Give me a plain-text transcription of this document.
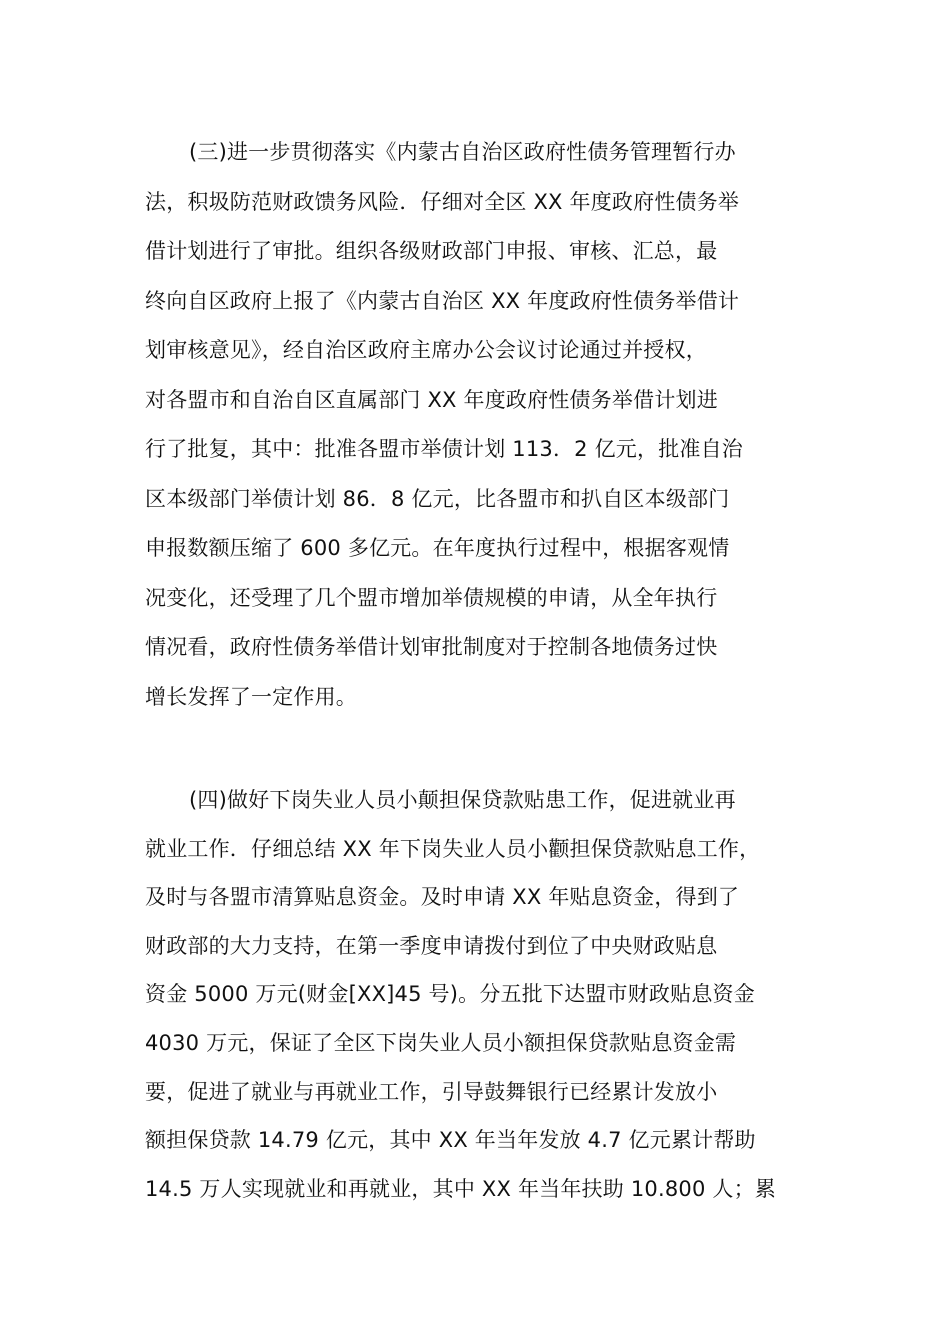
(三)进一步贯彻落实《内蒙古自治区政府性债务管理暂行办
法，积圾防范财政馈务风险．仔细对全区 XX 年度政府性债务举
借计划进行了审批。组织各级财政部门申报、审核、汇总，最
终向自区政府上报了《内蒙古自治区 XX 年度政府性债务举借计
划审核意见》，经自治区政府主席办公会议讨论通过并授权，
对各盟市和自治自区直属部门 XX 年度政府性债务举借计划进
行了批复，其中：批准各盟市举债计划 113．2 亿元，批准自治
区本级部门举债计划 86．8 亿元，比各盟市和扒自区本级部门
申报数额压缩了 600 多亿元。在年度执行过程中，根据客观情
况变化，还受理了几个盟市增加举债规模的申请，从全年执行
情况看，政府性债务举借计划审批制度对于控制各地债务过快
增长发挥了一定作用。
(四)做好下岗失业人员小颠担保贷款贴患工作，促进就业再
就业工作．仔细总结 XX 年下岗失业人员小颧担保贷款贴息工作，
及时与各盟市清算贴息资金。及时申请 XX 年贴息资金，得到了
财政部的大力支持，在第一季度申请拨付到位了中央财政贴息
资金 5000 万元(财金[XX]45 号)。分五批下达盟市财政贴息资金
4030 万元，保证了全区下岗失业人员小额担保贷款贴息资金需
要，促进了就业与再就业工作，引导鼓舞银行已经累计发放小
额担保贷款 14.79 亿元，其中 XX 年当年发放 4.7 亿元累计帮助
14.5 万人实现就业和再就业，其中 XX 年当年扶助 10.800 人；累
